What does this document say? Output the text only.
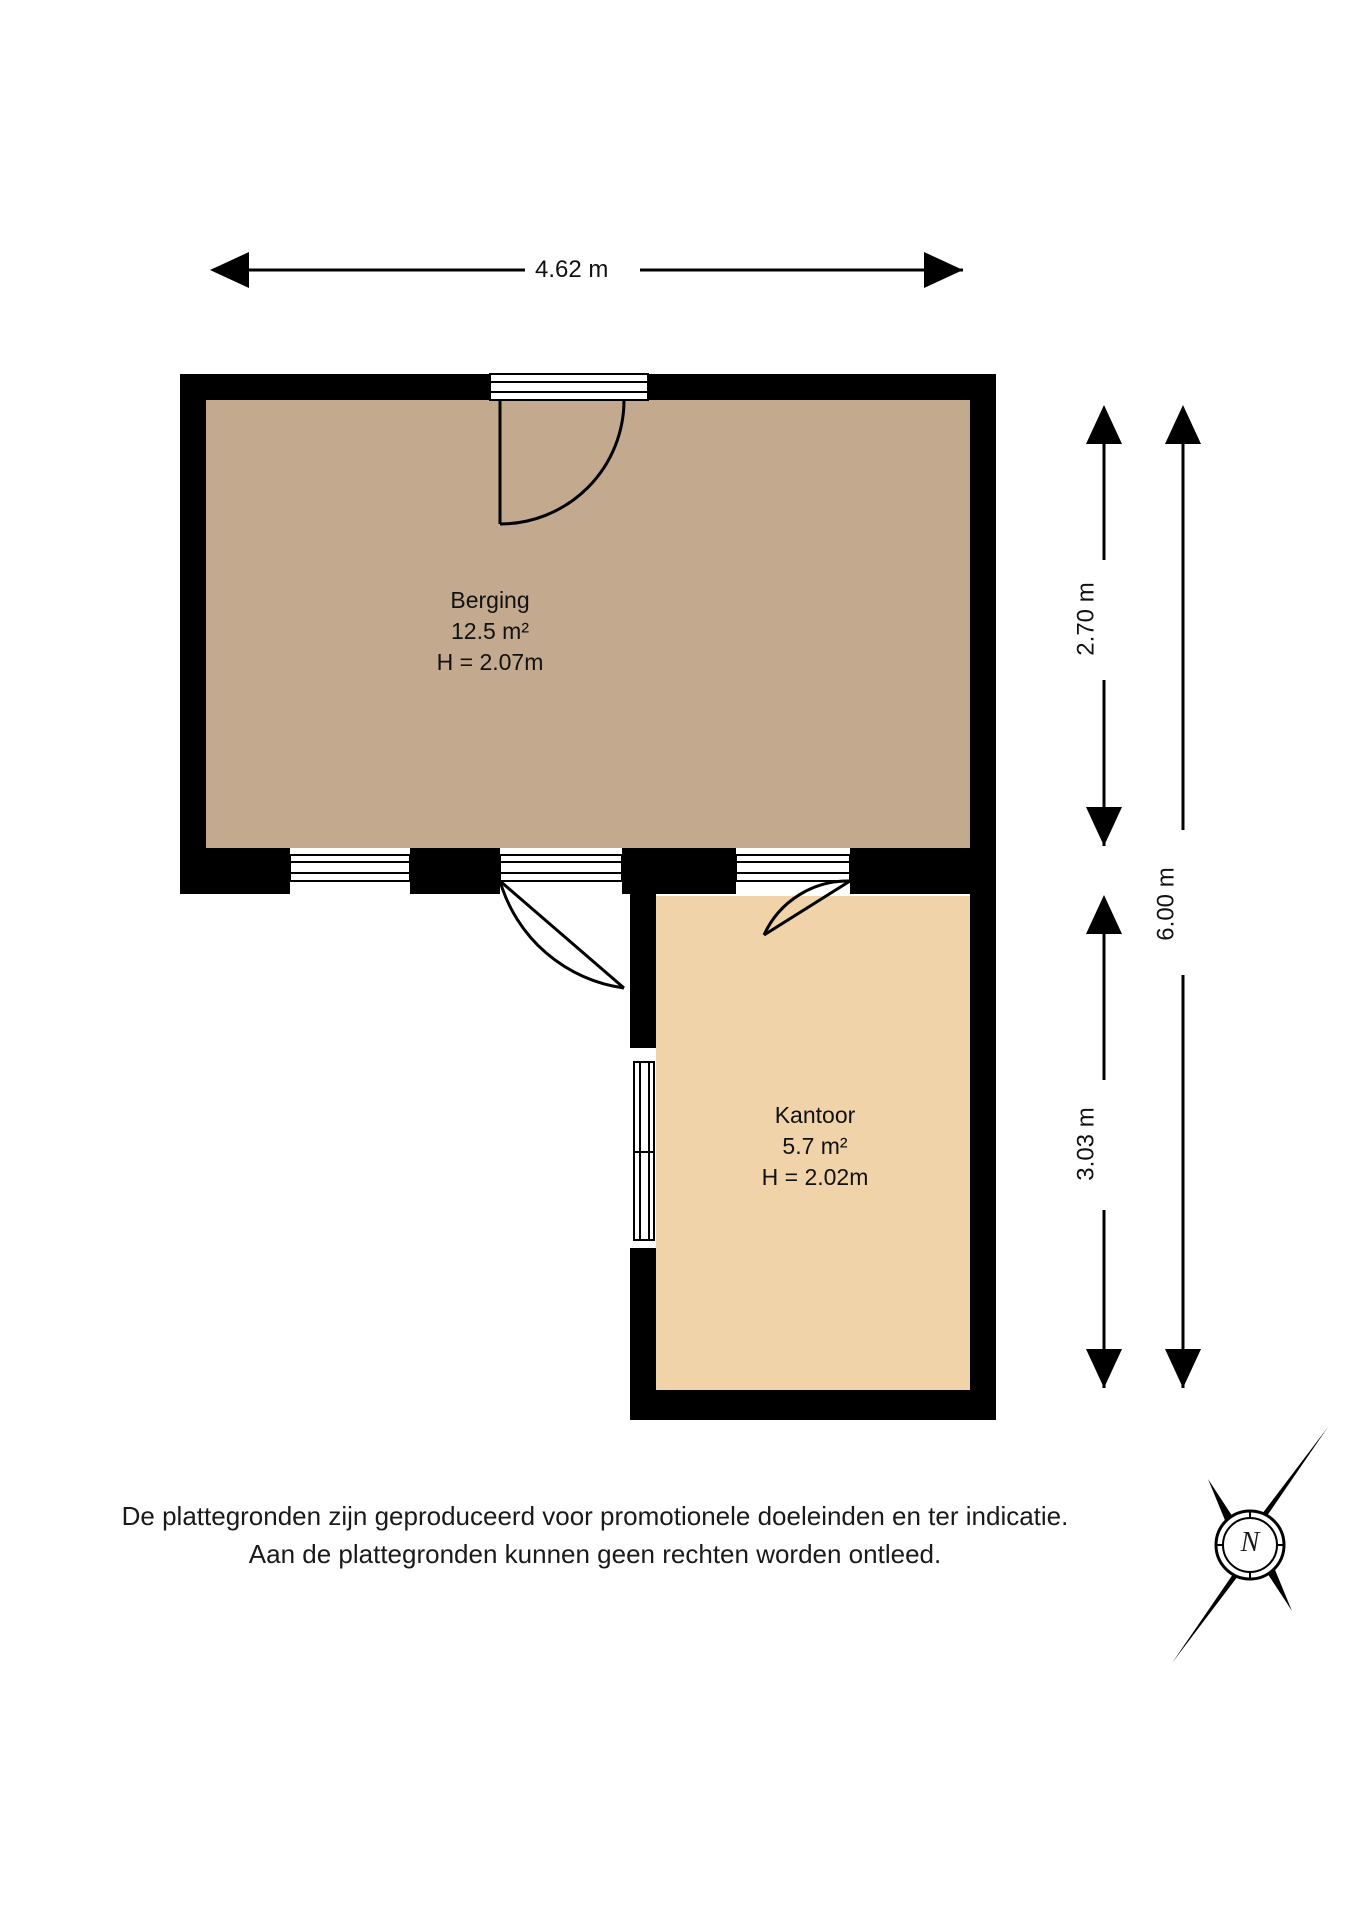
Berging
12.5 m²
H = 2.07m
Kantoor
5.7 m²
H = 2.02m
4.62 m
2.70 m
3.03 m
6.00 m
N
De plattegronden zijn geproduceerd voor promotionele doeleinden en ter indicatie.
Aan de plattegronden kunnen geen rechten worden ontleed.
